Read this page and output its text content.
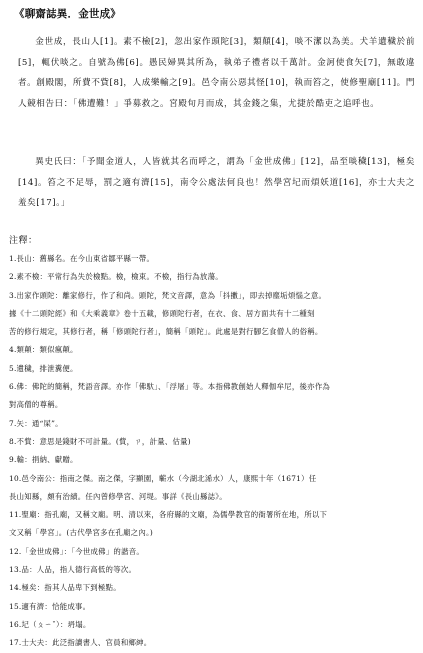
《聊齋誌異．金世成》

金世成，長山人[1]。素不檢[2]，忽出家作頭陀[3]，類顛[4]，啖不潔以為美。犬羊遺穢於前[5]，輒伏啖之。自號為佛[6]。愚民婦異其所為，執弟子禮者以千萬計。金訶使食矢[7]，無敢違者。創殿閣，所費不貲[8]，人成樂輸之[9]。邑令南公惡其怪[10]，執而笞之，使修聖廟[11]。門人競相告曰：「佛遭難！」爭募救之。宮殿旬月而成，其金錢之集，尤捷於酷吏之追呼也。

異史氏曰：「予聞金道人，人皆就其名而呼之，謂為「金世成佛」[12]，品至啖穢[13]，極矣[14]。笞之不足辱，罰之適有濟[15]，南令公處法何良也！然學宮圮而煩妖道[16]，亦士大夫之羞矣[17]。」

注釋：
1.長山：舊縣名。在今山東省鄒平縣一帶。
2.素不檢：平常行為失於檢點。檢，檢束。不檢，指行為放蕩。
3.出家作頭陀：離家修行，作了和尚。頭陀，梵文音譯，意為「抖擻」，即去掉塵垢煩惱之意。
據《十二頭陀經》和《大乘義章》卷十五載，修頭陀行者，在衣、食、居方面共有十二種刻
苦的修行規定，其修行者，稱「修頭陀行者」，簡稱「頭陀」。此處是對行腳乞食僧人的俗稱。
4.類顛：類似瘋顛。
5.遺穢，排泄糞便。
6.佛：佛陀的簡稱，梵語音譯。亦作「佛馱」、「浮屠」等。本指佛教創始人釋伽牟尼，後亦作為
對高僧的尊稱。
7.矢：通“屎”。
8.不貲：意思是錢財不可計量。(貲，ㄗ，計量、估量)
9.輸：捐納、獻贈。
10.邑令南公：指南之傑。南之傑，字顯園，蘄水（今湖北浠水）人，康熙十年（1671）任
長山知縣，頗有治績。任內曾修學宮、河堤。事詳《長山縣誌》。
11.聖廟：指孔廟，又稱文廟。明、清以來，各府縣的文廟，為儒學教官的衙署所在地，所以下
文又稱「學宮」。(古代學宮多在孔廟之內。)
12.「金世成佛」：「今世成佛」的諧音。
13.品：人品，指人德行高低的等次。
14.極矣：指其人品卑下到極點。
15.適有濟：恰能成事。
16.圮（ㄆㄧˇ）：坍塌。
17.士大夫：此泛指讀書人、官員和鄉紳。
